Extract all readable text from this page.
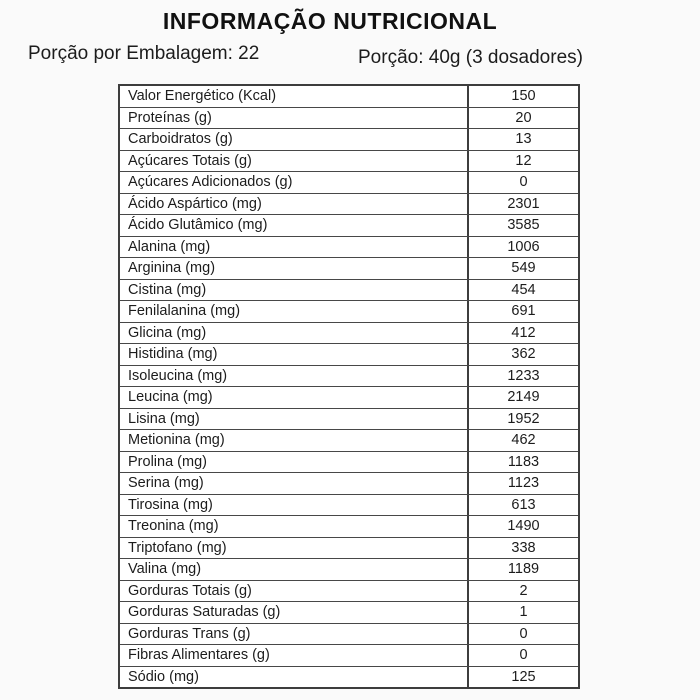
INFORMAÇÃO NUTRICIONAL
Porção por Embalagem: 22	Porção: 40g (3 dosadores)
Valor Energético (Kcal)	150
Proteínas (g)	20
Carboidratos (g)	13
Açúcares Totais (g)	12
Açúcares Adicionados (g)	0
Ácido Aspártico (mg)	2301
Ácido Glutâmico (mg)	3585
Alanina (mg)	1006
Arginina (mg)	549
Cistina (mg)	454
Fenilalanina (mg)	691
Glicina (mg)	412
Histidina (mg)	362
Isoleucina (mg)	1233
Leucina (mg)	2149
Lisina (mg)	1952
Metionina (mg)	462
Prolina (mg)	1183
Serina (mg)	1123
Tirosina (mg)	613
Treonina (mg)	1490
Triptofano (mg)	338
Valina (mg)	1189
Gorduras Totais (g)	2
Gorduras Saturadas (g)	1
Gorduras Trans (g)	0
Fibras Alimentares (g)	0
Sódio (mg)	125
